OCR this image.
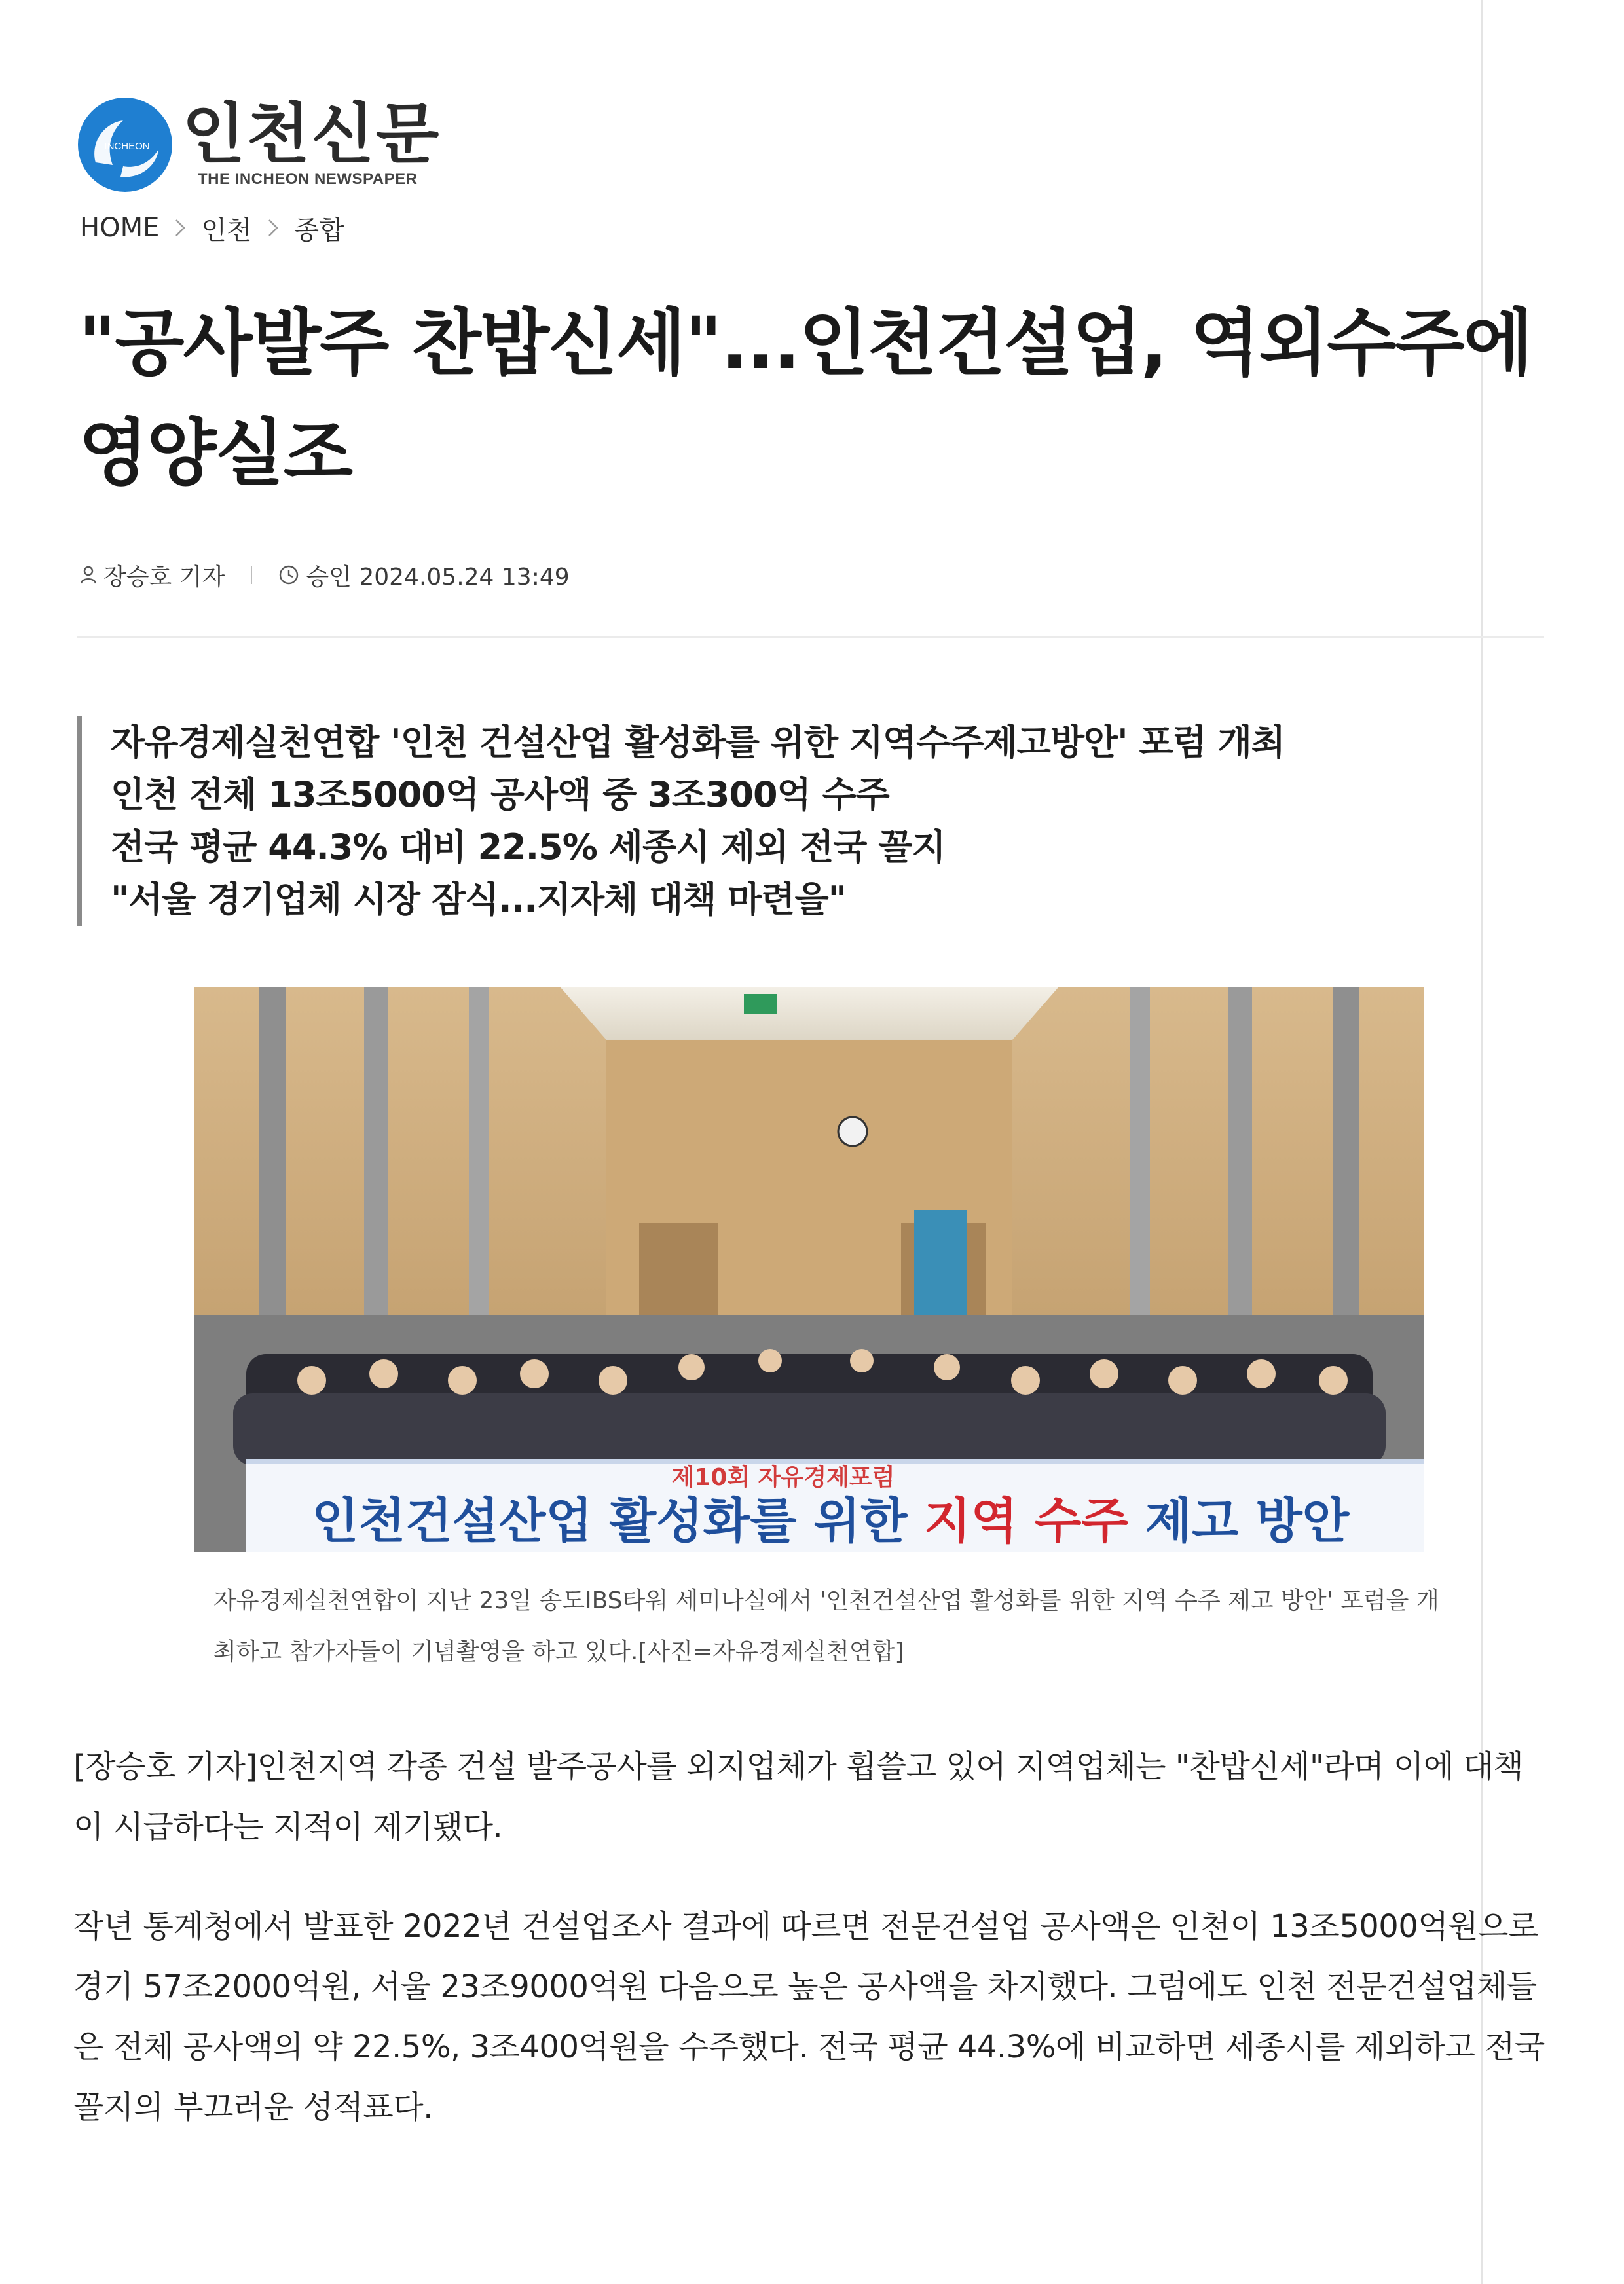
INCHEON 인천신문
THE INCHEON NEWSPAPER
HOME 인천 종합
"공사발주 찬밥신세"...인천건설업, 역외수주에 영양실조
장승호 기자	승인 2024.05.24 13:49
자유경제실천연합 '인천 건설산업 활성화를 위한 지역수주제고방안' 포럼 개최
인천 전체 13조5000억 공사액 중 3조300억 수주
전국 평균 44.3% 대비 22.5% 세종시 제외 전국 꼴지
"서울 경기업체 시장 잠식...지자체 대책 마련을"
제10회 자유경제포럼
인천건설산업 활성화를 위한 지역 수주 제고 방안
자유경제실천연합이 지난 23일 송도IBS타워 세미나실에서 '인천건설산업 활성화를 위한 지역 수주 제고 방안' 포럼을 개최하고 참가자들이 기념촬영을 하고 있다.[사진=자유경제실천연합]

[장승호 기자]인천지역 각종 건설 발주공사를 외지업체가 휩쓸고 있어 지역업체는 "찬밥신세"라며 이에 대책이 시급하다는 지적이 제기됐다.

작년 통계청에서 발표한 2022년 건설업조사 결과에 따르면 전문건설업 공사액은 인천이 13조5000억원으로 경기 57조2000억원, 서울 23조9000억원 다음으로 높은 공사액을 차지했다. 그럼에도 인천 전문건설업체들은 전체 공사액의 약 22.5%, 3조400억원을 수주했다. 전국 평균 44.3%에 비교하면 세종시를 제외하고 전국 꼴지의 부끄러운 성적표다.
